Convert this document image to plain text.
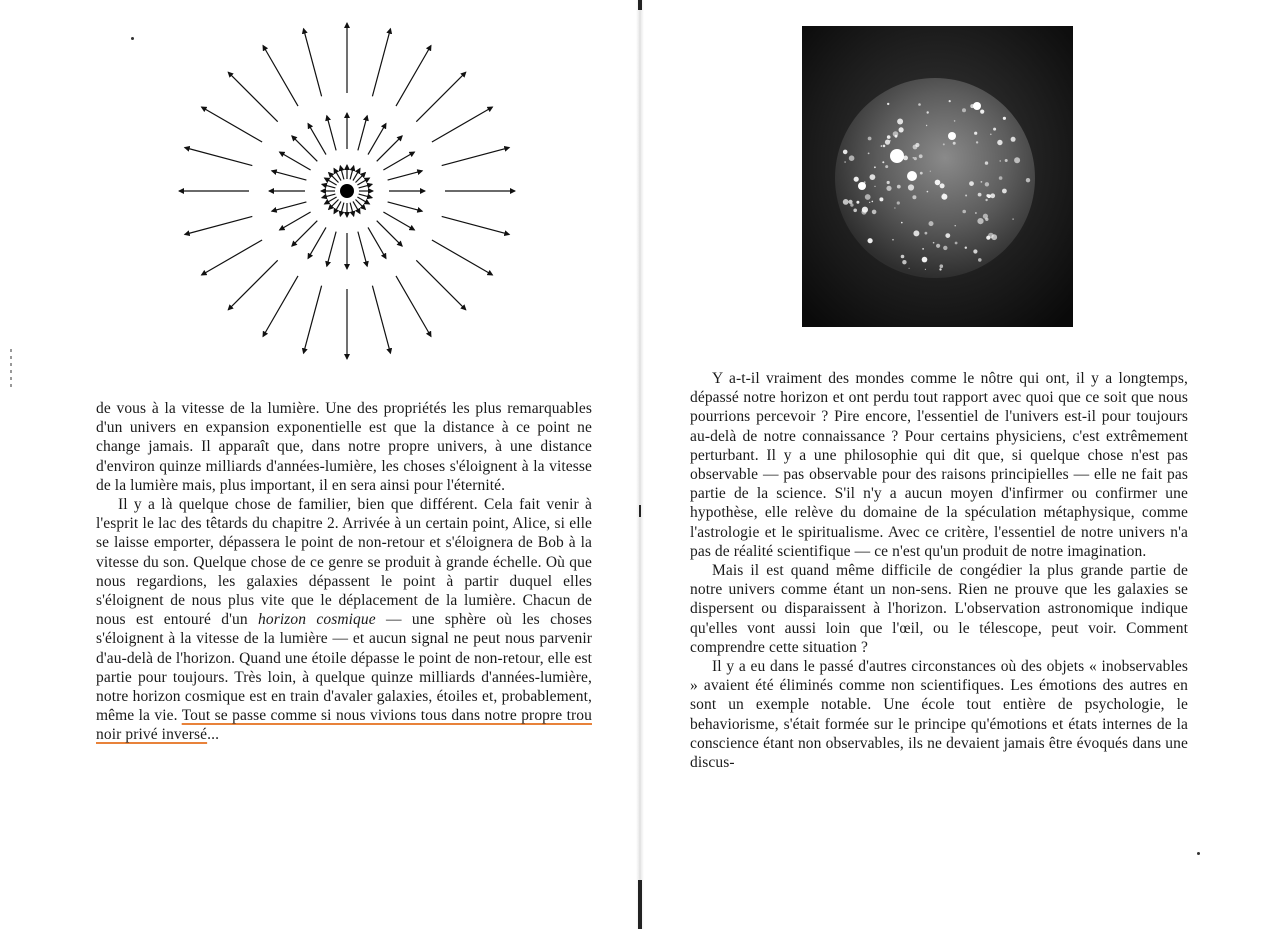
de vous à la vitesse de la lumière. Une des propriétés les plus remarquables d'un univers en expansion exponentielle est que la distance à ce point ne change jamais. Il apparaît que, dans notre propre univers, à une distance d'environ quinze milliards d'années-lumière, les choses s'éloignent à la vitesse de la lumière mais, plus important, il en sera ainsi pour l'éternité.

Il y a là quelque chose de familier, bien que différent. Cela fait venir à l'esprit le lac des têtards du chapitre 2. Arrivée à un certain point, Alice, si elle se laisse emporter, dépassera le point de non-retour et s'éloignera de Bob à la vitesse du son. Quelque chose de ce genre se produit à grande échelle. Où que nous regardions, les galaxies dépassent le point à partir duquel elles s'éloignent de nous plus vite que le déplacement de la lumière. Chacun de nous est entouré d'un horizon cosmique — une sphère où les choses s'éloignent à la vitesse de la lumière — et aucun signal ne peut nous parvenir d'au-delà de l'horizon. Quand une étoile dépasse le point de non-retour, elle est partie pour toujours. Très loin, à quelque quinze milliards d'années-lumière, notre horizon cosmique est en train d'avaler galaxies, étoiles et, probablement, même la vie. Tout se passe comme si nous vivions tous dans notre propre trou noir privé inversé...

Y a-t-il vraiment des mondes comme le nôtre qui ont, il y a longtemps, dépassé notre horizon et ont perdu tout rapport avec quoi que ce soit que nous pourrions percevoir ? Pire encore, l'essentiel de l'univers est-il pour toujours au-delà de notre connaissance ? Pour certains physiciens, c'est extrêmement perturbant. Il y a une philosophie qui dit que, si quelque chose n'est pas observable — pas observable pour des raisons principielles — elle ne fait pas partie de la science. S'il n'y a aucun moyen d'infirmer ou confirmer une hypothèse, elle relève du domaine de la spéculation métaphysique, comme l'astrologie et le spiritualisme. Avec ce critère, l'essentiel de notre univers n'a pas de réalité scientifique — ce n'est qu'un produit de notre imagination.

Mais il est quand même difficile de congédier la plus grande partie de notre univers comme étant un non-sens. Rien ne prouve que les galaxies se dispersent ou disparaissent à l'horizon. L'observation astronomique indique qu'elles vont aussi loin que l'œil, ou le télescope, peut voir. Comment comprendre cette situation ?

Il y a eu dans le passé d'autres circonstances où des objets « inobservables » avaient été éliminés comme non scientifiques. Les émotions des autres en sont un exemple notable. Une école tout entière de psychologie, le behaviorisme, s'était formée sur le principe qu'émotions et états internes de la conscience étant non observables, ils ne devaient jamais être évoqués dans une discus-
